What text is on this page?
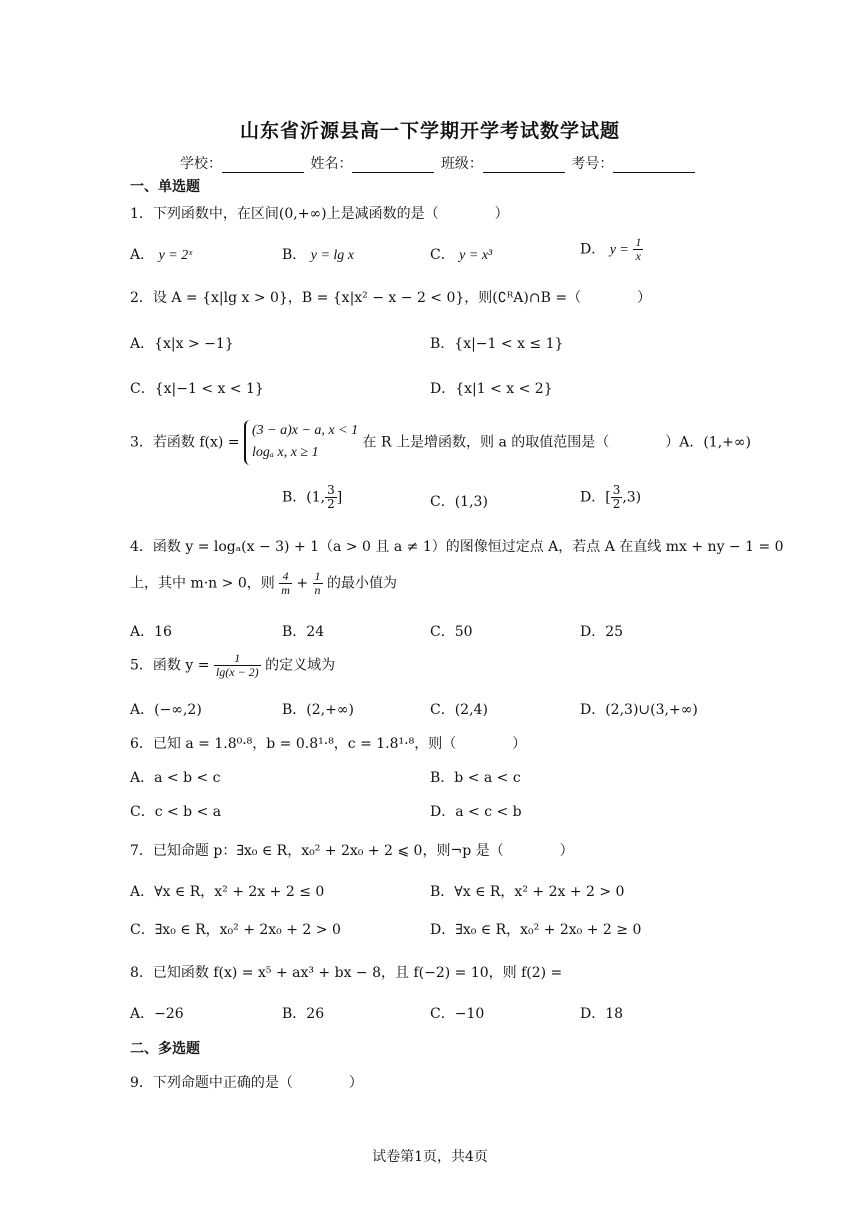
山东省沂源县高一下学期开学考试数学试题
学校：	姓名：	班级：	考号：
一、单选题
1．下列函数中，在区间(0,+∞)上是减函数的是（　　　　）
A． y = 2ˣ	B． y = lg x	C． y = x³	D． $y = \frac{1}{x}$
2．设 A = {x|lg x > 0}，B = {x|x² − x − 2 < 0}，则(∁ᴿA)∩B =（　　　　）
A．{x|x > −1}	B．{x|−1 < x ≤ 1}
C．{x|−1 < x < 1}	D．{x|1 < x < 2}
3．若函数 f(x) =
(3 − a)x − a, x < 1
logₐ x, x ≥ 1
在 R 上是增函数，则 a 的取值范围是（　　　　）A．(1,+∞)
B．(1, $\frac{3}{2}$ ]	C．(1,3)	D．[ $\frac{3}{2} ,3$)
4．函数 y = logₐ(x − 3) + 1（a > 0 且 a ≠ 1）的图像恒过定点 A，若点 A 在直线 mx + ny − 1 = 0
上，其中 m·n > 0，则 $\frac{4}{m} + \frac{1}{n}$ 的最小值为
A．16	B．24	C．50	D．25
5．函数 $y = \frac{1}{\lg(x - 2)}$ 的定义域为
A．(−∞,2)	B．(2,+∞)	C．(2,4)	D．(2,3)∪(3,+∞)
6．已知 a = 1.8⁰·⁸，b = 0.8¹·⁸，c = 1.8¹·⁸，则（　　　　）
A．a < b < c	B．b < a < c
C．c < b < a	D．a < c < b
7．已知命题 p：∃x₀ ∈ R，x₀² + 2x₀ + 2 ⩽ 0，则¬p 是（　　　　）
A．∀x ∈ R，x² + 2x + 2 ≤ 0	B．∀x ∈ R，x² + 2x + 2 > 0
C．∃x₀ ∈ R，x₀² + 2x₀ + 2 > 0	D．∃x₀ ∈ R，x₀² + 2x₀ + 2 ≥ 0
8．已知函数 f(x) = x⁵ + ax³ + bx − 8，且 f(−2) = 10，则 f(2) =
A．−26	B．26	C．−10	D．18
二、多选题
9．下列命题中正确的是（　　　　）
试卷第1页，共4页
